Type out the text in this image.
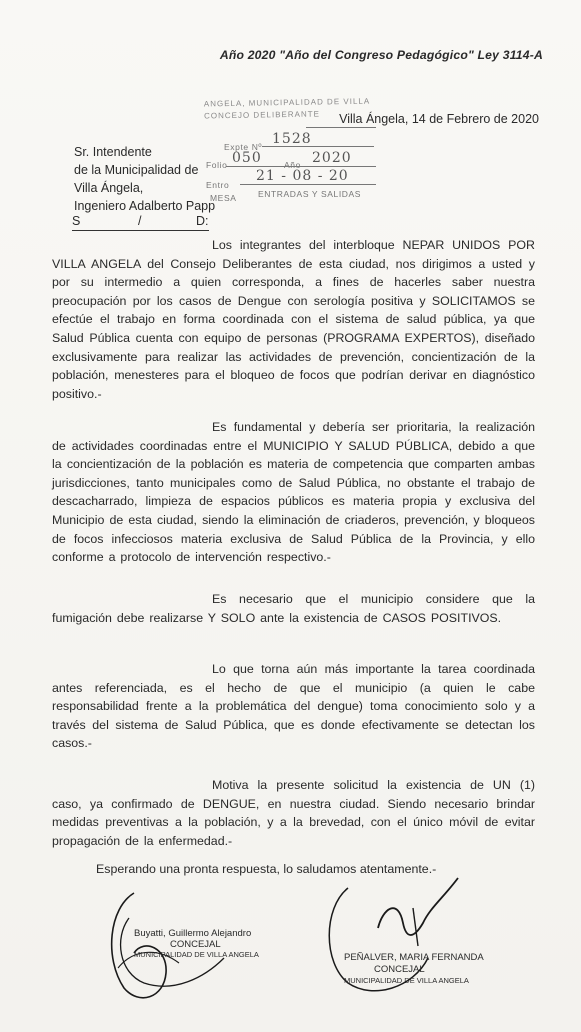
Año 2020 "Año del Congreso Pedagógico" Ley 3114-A
ANGELA, MUNICIPALIDAD DE VILLA
CONCEJO DELIBERANTE Villa Ángela, 14 de Febrero de 2020
Sr. Intendente
de la Municipalidad de
Villa Ángela,
Ingeniero Adalberto Papp
Expte Nº 1528
Folio 050	Año 2020
Entro
21 - 08 - 20
MESA	ENTRADAS Y SALIDAS
S	/	D:
Los integrantes del interbloque NEPAR UNIDOS POR VILLA ANGELA del Consejo Deliberantes de esta ciudad, nos dirigimos a usted y por su intermedio a quien corresponda, a fines de hacerles saber nuestra preocupación por los casos de Dengue con serología positiva y SOLICITAMOS se efectúe el trabajo en forma coordinada con el sistema de salud pública, ya que Salud Pública cuenta con equipo de personas (PROGRAMA EXPERTOS), diseñado exclusivamente para realizar las actividades de prevención, concientización de la población, menesteres para el bloqueo de focos que podrían derivar en diagnóstico positivo.-
Es fundamental y debería ser prioritaria, la realización de actividades coordinadas entre el MUNICIPIO Y SALUD PÚBLICA, debido a que la concientización de la población es materia de competencia que comparten ambas jurisdicciones, tanto municipales como de Salud Pública, no obstante el trabajo de descacharrado, limpieza de espacios públicos es materia propia y exclusiva del Municipio de esta ciudad, siendo la eliminación de criaderos, prevención, y bloqueos de focos infecciosos materia exclusiva de Salud Pública de la Provincia, y ello conforme a protocolo de intervención respectivo.-
Es necesario que el municipio considere que la fumigación debe realizarse Y SOLO ante la existencia de CASOS POSITIVOS.
Lo que torna aún más importante la tarea coordinada antes referenciada, es el hecho de que el municipio (a quien le cabe responsabilidad frente a la problemática del dengue) toma conocimiento solo y a través del sistema de Salud Pública, que es donde efectivamente se detectan los casos.-
Motiva la presente solicitud la existencia de UN (1) caso, ya confirmado de DENGUE, en nuestra ciudad. Siendo necesario brindar medidas preventivas a la población, y a la brevedad, con el único móvil de evitar propagación de la enfermedad.-
Esperando una pronta respuesta, lo saludamos atentamente.-
Buyatti, Guillermo Alejandro
CONCEJAL
MUNICIPALIDAD DE VILLA ANGELA	PEÑALVER, MARIA FERNANDA
CONCEJAL
MUNICIPALIDAD DE VILLA ANGELA
